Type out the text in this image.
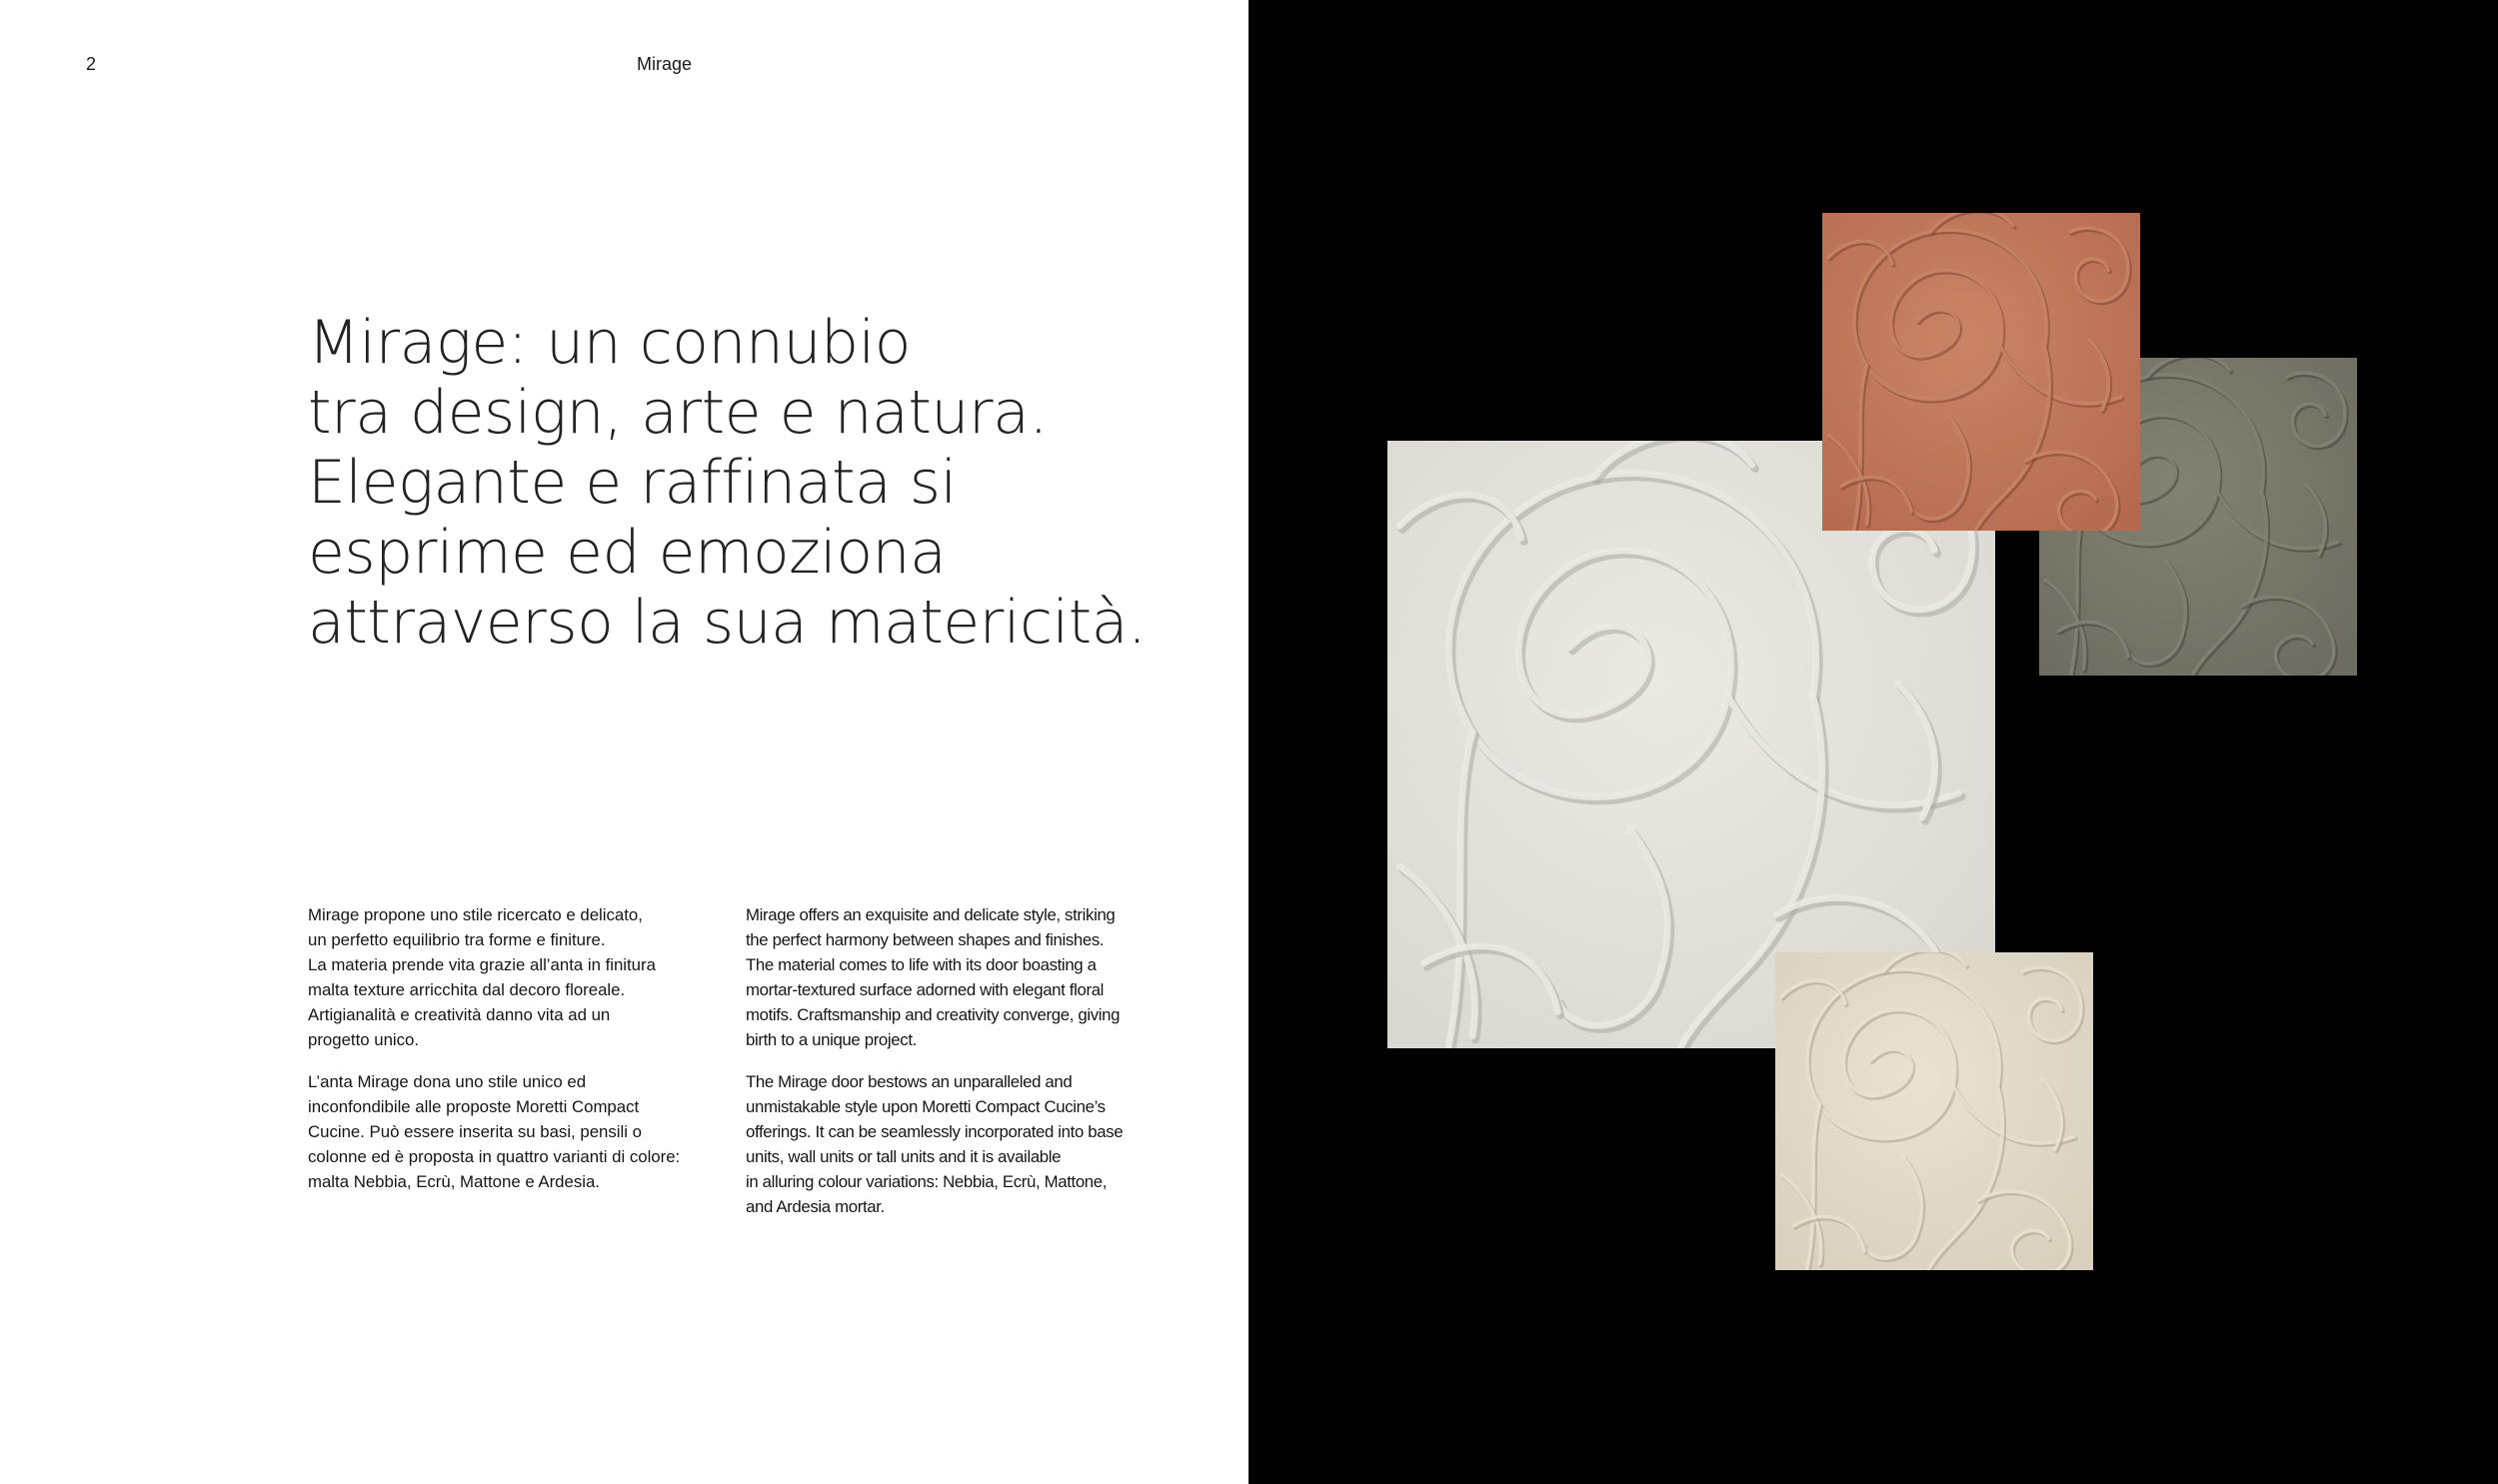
2	Mirage
Mirage: un connubio
tra design, arte e natura.
Elegante e raffinata si
esprime ed emoziona
attraverso la sua matericità.

Mirage propone uno stile ricercato e delicato,
un perfetto equilibrio tra forme e finiture.
La materia prende vita grazie all’anta in finitura
malta texture arricchita dal decoro floreale.
Artigianalità e creatività danno vita ad un
progetto unico.

L’anta Mirage dona uno stile unico ed
inconfondibile alle proposte Moretti Compact
Cucine. Può essere inserita su basi, pensili o
colonne ed è proposta in quattro varianti di colore:
malta Nebbia, Ecrù, Mattone e Ardesia.

Mirage offers an exquisite and delicate style, striking
the perfect harmony between shapes and finishes.
The material comes to life with its door boasting a
mortar-textured surface adorned with elegant floral
motifs. Craftsmanship and creativity converge, giving
birth to a unique project.

The Mirage door bestows an unparalleled and
unmistakable style upon Moretti Compact Cucine’s
offerings. It can be seamlessly incorporated into base
units, wall units or tall units and it is available
in alluring colour variations: Nebbia, Ecrù, Mattone,
and Ardesia mortar.
